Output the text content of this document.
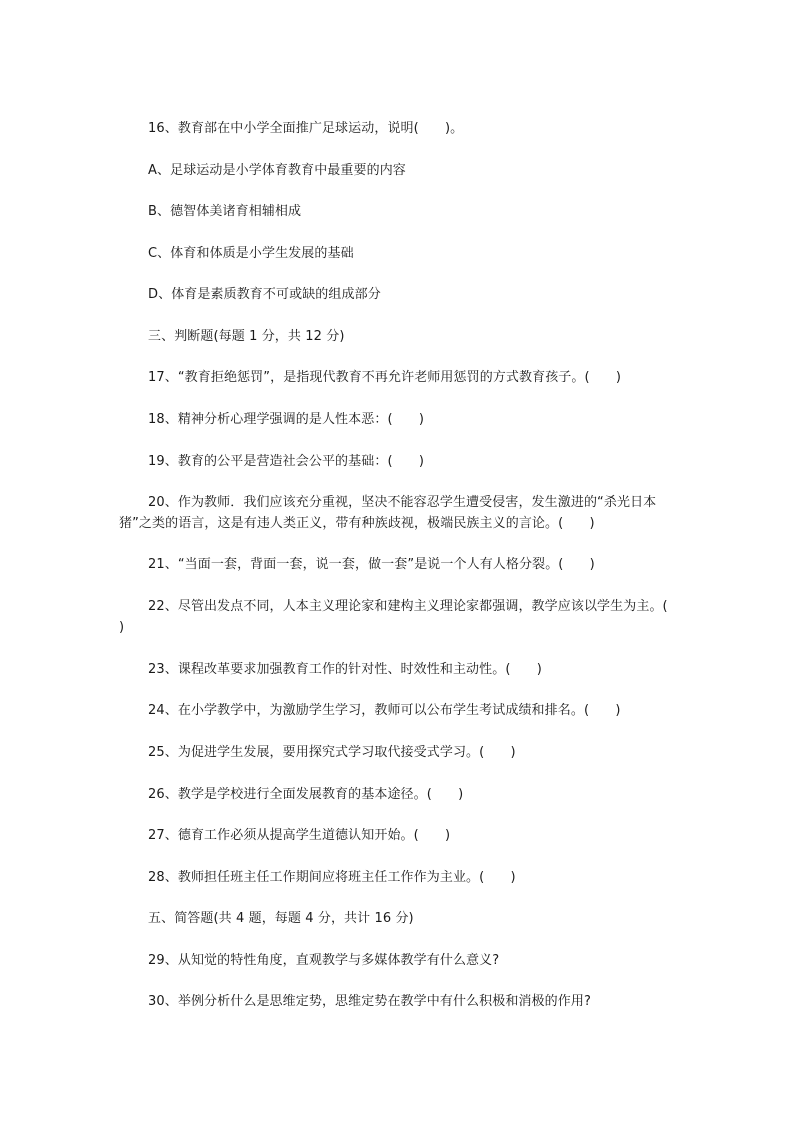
16、教育部在中小学全面推广足球运动，说明(　　)。
A、足球运动是小学体育教育中最重要的内容
B、德智体美诸育相辅相成
C、体育和体质是小学生发展的基础
D、体育是素质教育不可或缺的组成部分
三、判断题(每题 1 分，共 12 分)
17、“教育拒绝惩罚”，是指现代教育不再允许老师用惩罚的方式教育孩子。(　　)
18、精神分析心理学强调的是人性本恶：(　　)
19、教育的公平是营造社会公平的基础：(　　)
20、作为教师．我们应该充分重视，坚决不能容忍学生遭受侵害，发生激进的“杀光日本猪”之类的语言，这是有违人类正义，带有种族歧视，极端民族主义的言论。(　　)
21、“当面一套，背面一套，说一套，做一套”是说一个人有人格分裂。(　　)
22、尽管出发点不同，人本主义理论家和建构主义理论家都强调，教学应该以学生为主。(　　)
23、课程改革要求加强教育工作的针对性、时效性和主动性。(　　)
24、在小学教学中，为激励学生学习，教师可以公布学生考试成绩和排名。(　　)
25、为促进学生发展，要用探究式学习取代接受式学习。(　　)
26、教学是学校进行全面发展教育的基本途径。(　　)
27、德育工作必须从提高学生道德认知开始。(　　)
28、教师担任班主任工作期间应将班主任工作作为主业。(　　)
五、简答题(共 4 题，每题 4 分，共计 16 分)
29、从知觉的特性角度，直观教学与多媒体教学有什么意义?
30、举例分析什么是思维定势，思维定势在教学中有什么积极和消极的作用?
